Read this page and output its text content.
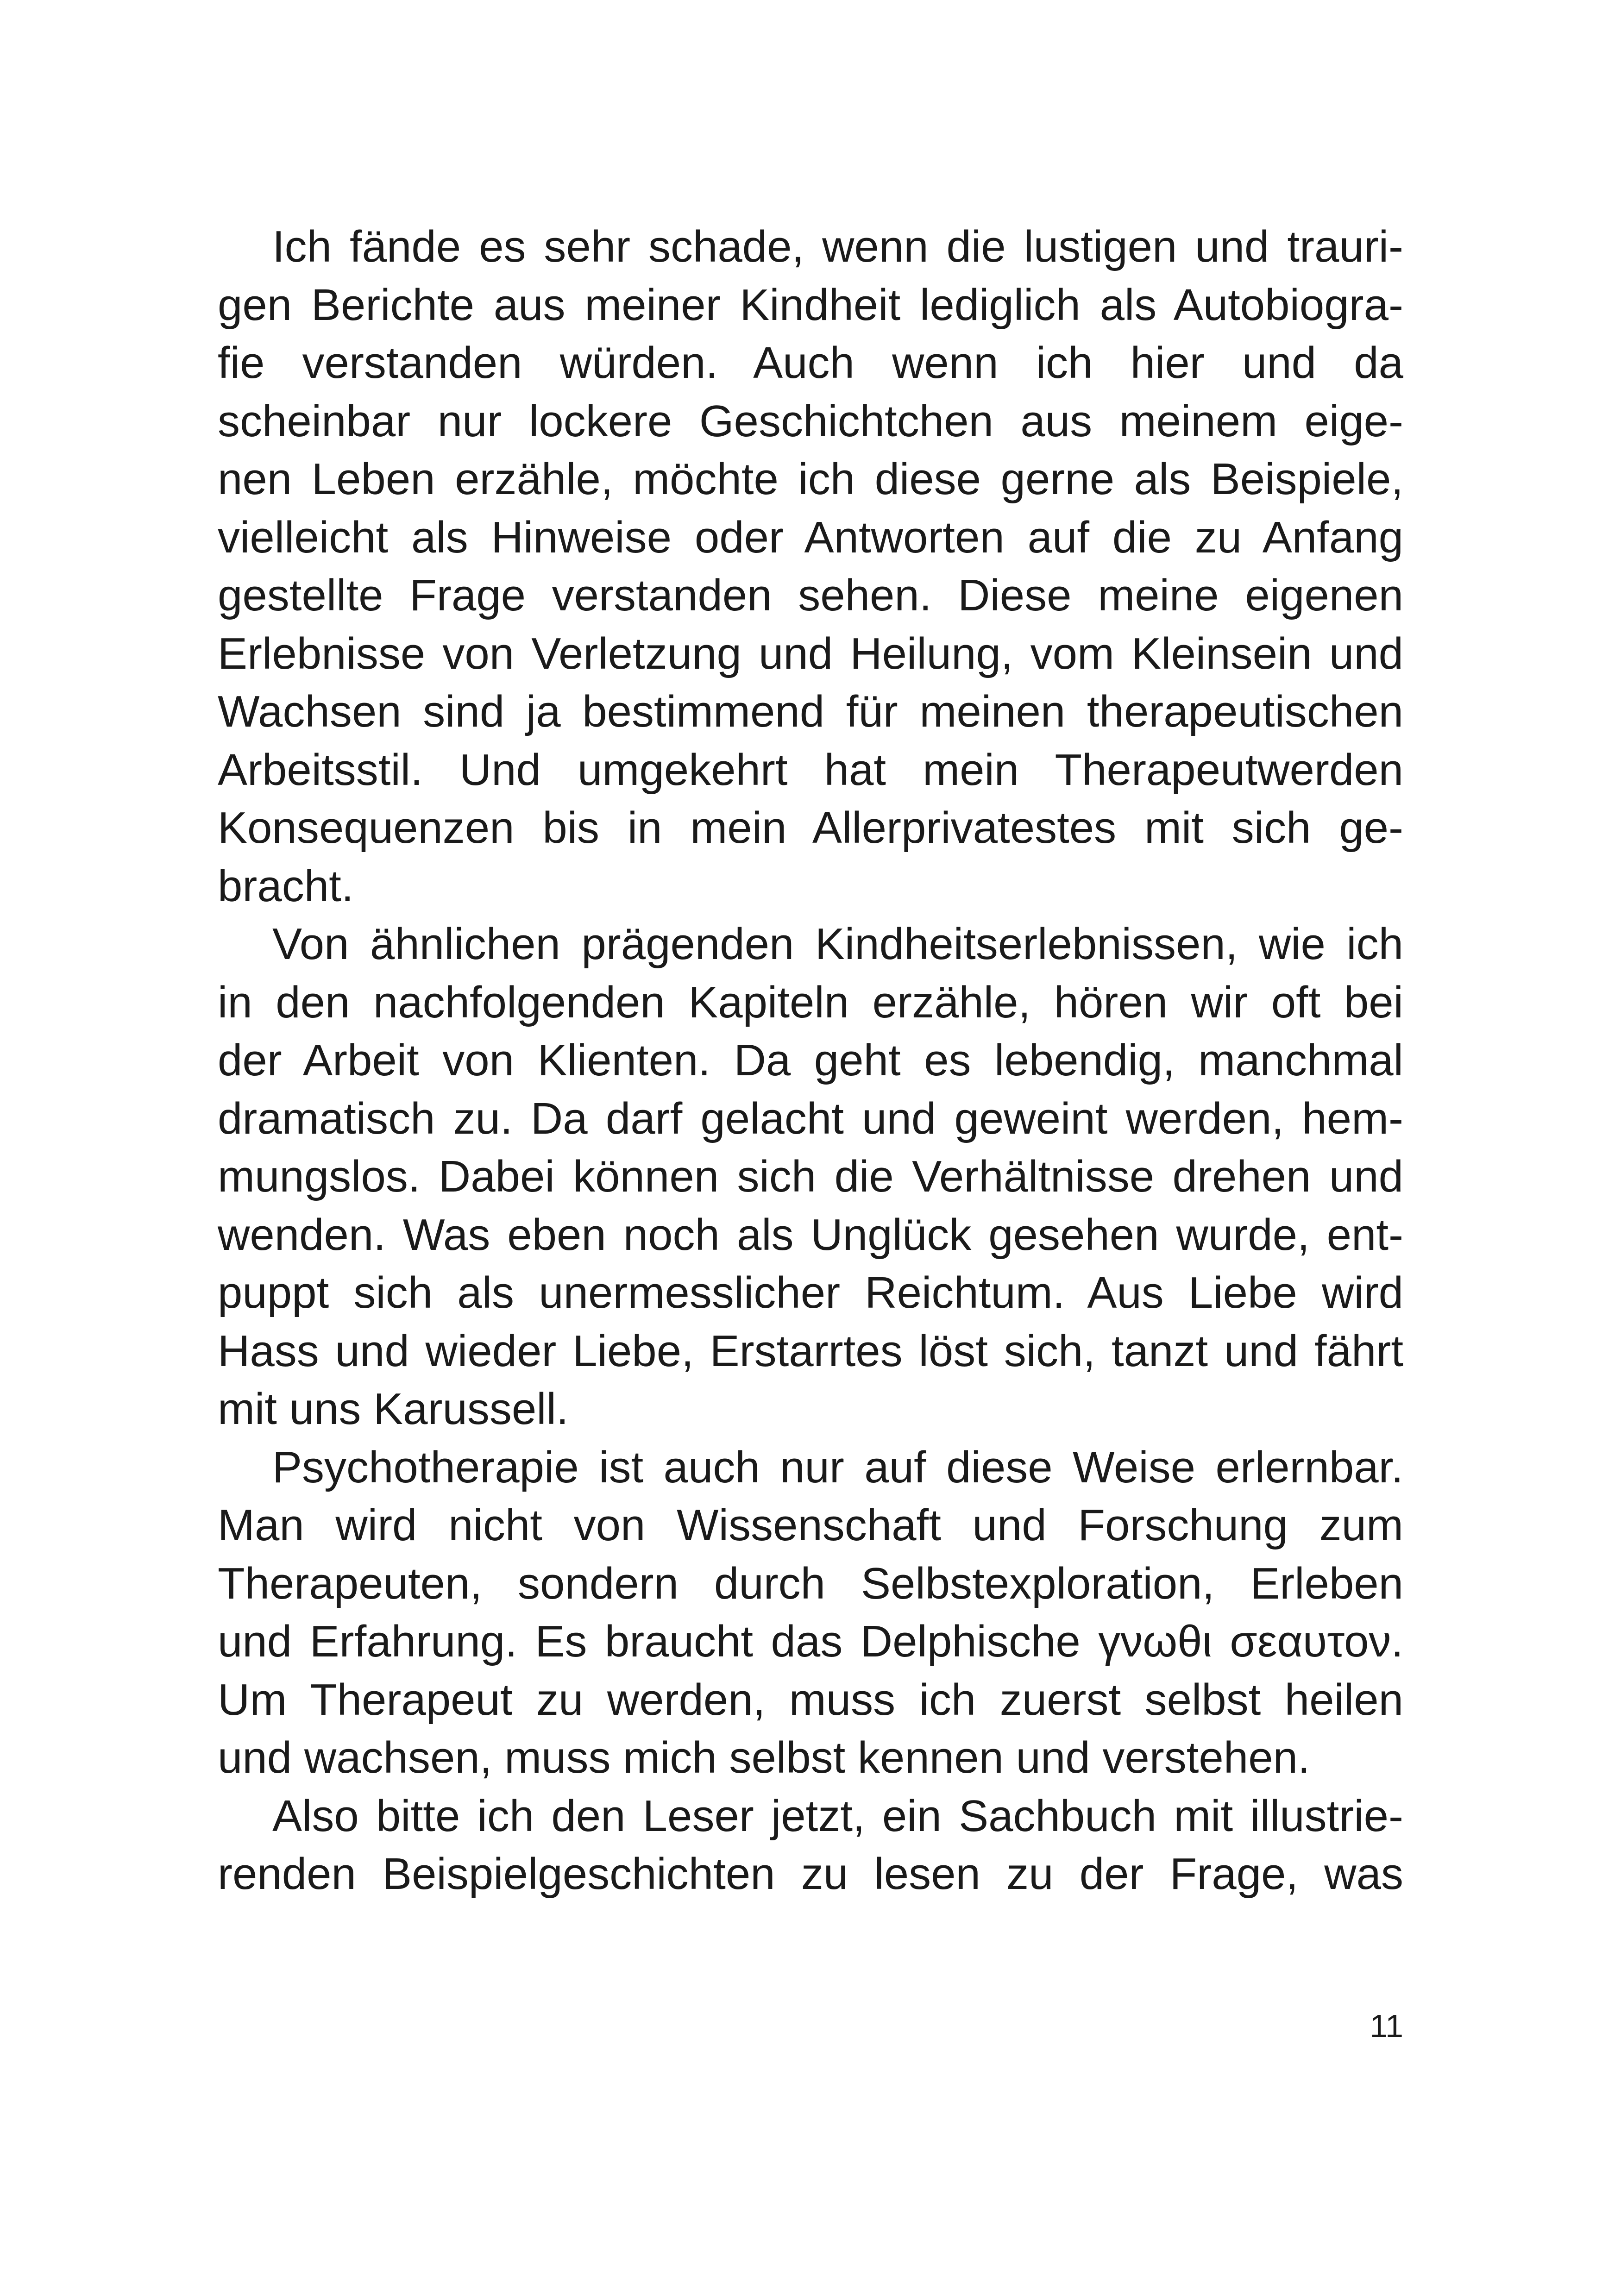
Ich fände es sehr schade, wenn die lustigen und trauri-
gen Berichte aus meiner Kindheit lediglich als Autobiogra-
fie verstanden würden. Auch wenn ich hier und da
scheinbar nur lockere Geschichtchen aus meinem eige-
nen Leben erzähle, möchte ich diese gerne als Beispiele,
vielleicht als Hinweise oder Antworten auf die zu Anfang
gestellte Frage verstanden sehen. Diese meine eigenen
Erlebnisse von Verletzung und Heilung, vom Kleinsein und
Wachsen sind ja bestimmend für meinen therapeutischen
Arbeitsstil. Und umgekehrt hat mein Therapeutwerden
Konsequenzen bis in mein Allerprivatestes mit sich ge-
bracht.
Von ähnlichen prägenden Kindheitserlebnissen, wie ich
in den nachfolgenden Kapiteln erzähle, hören wir oft bei
der Arbeit von Klienten. Da geht es lebendig, manchmal
dramatisch zu. Da darf gelacht und geweint werden, hem-
mungslos. Dabei können sich die Verhältnisse drehen und
wenden. Was eben noch als Unglück gesehen wurde, ent-
puppt sich als unermesslicher Reichtum. Aus Liebe wird
Hass und wieder Liebe, Erstarrtes löst sich, tanzt und fährt
mit uns Karussell.
Psychotherapie ist auch nur auf diese Weise erlernbar.
Man wird nicht von Wissenschaft und Forschung zum
Therapeuten, sondern durch Selbstexploration, Erleben
und Erfahrung. Es braucht das Delphische γνωθι σεαυτον.
Um Therapeut zu werden, muss ich zuerst selbst heilen
und wachsen, muss mich selbst kennen und verstehen.
Also bitte ich den Leser jetzt, ein Sachbuch mit illustrie-
renden Beispielgeschichten zu lesen zu der Frage, was
11
